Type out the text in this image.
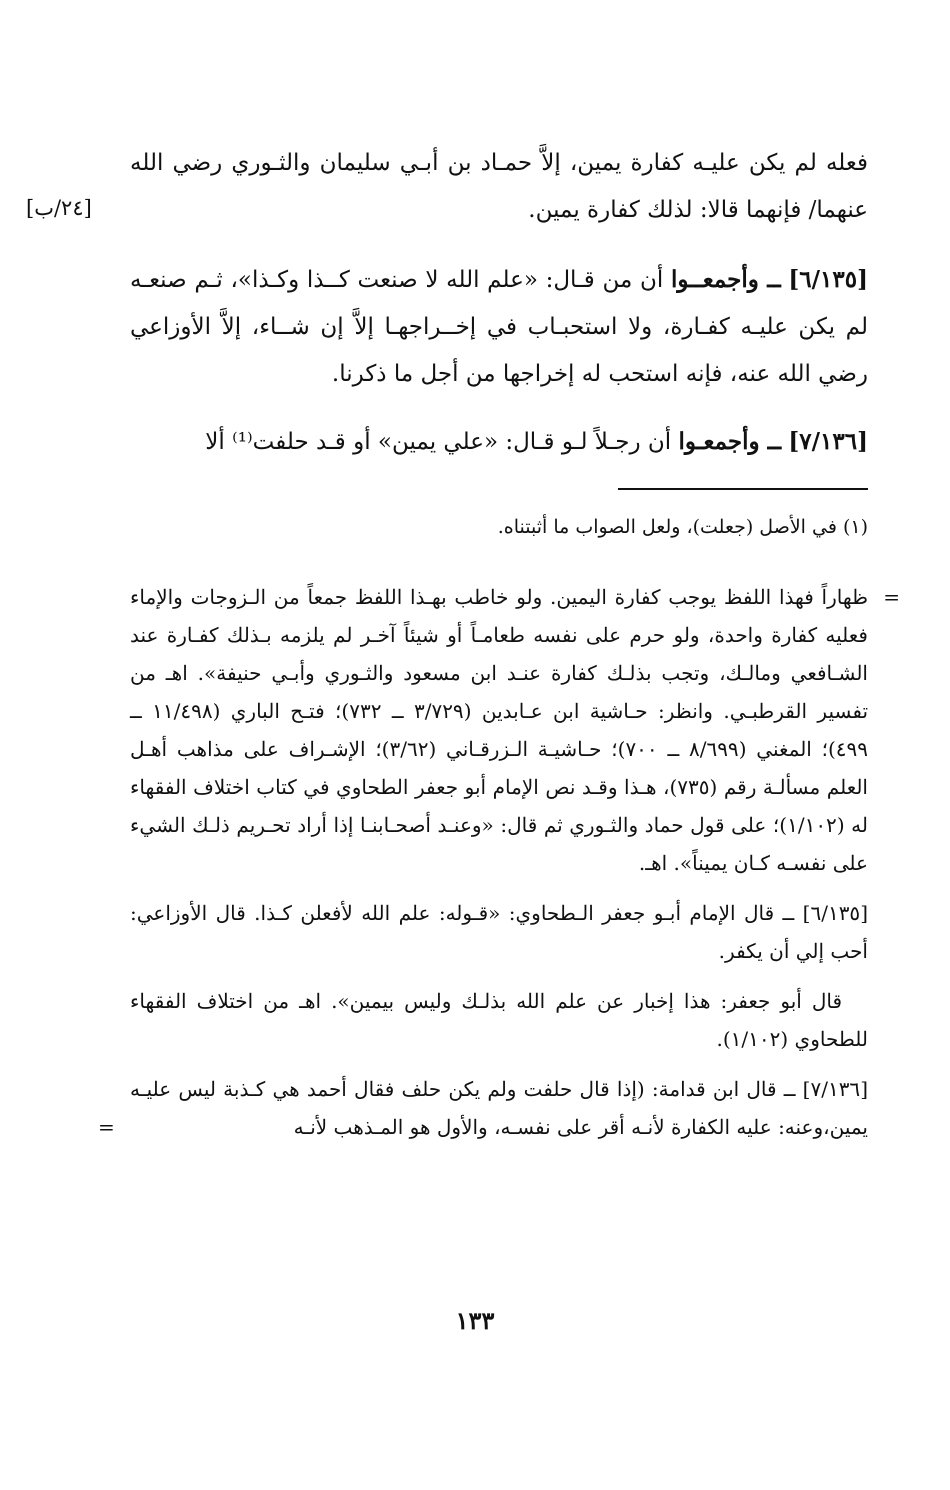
[٢٤/ب]

فعله لم يكن عليـه كفارة يمين، إلاَّ حمـاد بن أبـي سليمان والثـوري رضي الله عنهما/ فإنهما قالا: لذلك كفارة يمين.

[٦/١٣٥] ــ وأجمعــوا أن من قـال: «علم الله لا صنعت كــذا وكـذا»، ثـم صنعـه لم يكن عليـه كفـارة، ولا استحبـاب في إخــراجهـا إلاَّ إن شــاء، إلاَّ الأوزاعي رضي الله عنه، فإنه استحب له إخراجها من أجل ما ذكرنا.

[٧/١٣٦] ــ وأجمعـوا أن رجـلاً لـو قـال: «علي يمين» أو قـد حلفت⁽¹⁾ ألا

(١) في الأصل (جعلت)، ولعل الصواب ما أثبتناه.

=
ظهاراً فهذا اللفظ يوجب كفارة اليمين. ولو خاطب بهـذا اللفظ جمعاً من الـزوجات والإماء فعليه كفارة واحدة، ولو حرم على نفسه طعامـاً أو شيئاً آخـر لم يلزمه بـذلك كفـارة عند الشـافعي ومالـك، وتجب بذلـك كفارة عنـد ابن مسعود والثـوري وأبـي حنيفة». اهـ من تفسير القرطبـي. وانظر: حـاشية ابن عـابدين (٣/٧٢٩ ــ ٧٣٢)؛ فتـح الباري (١١/٤٩٨ ــ ٤٩٩)؛ المغني (٨/٦٩٩ ــ ٧٠٠)؛ حـاشيـة الـزرقـاني (٣/٦٢)؛ الإشـراف على مذاهب أهـل العلم مسألـة رقم (٧٣٥)، هـذا وقـد نص الإمام أبو جعفر الطحاوي في كتاب اختلاف الفقهاء له (١/١٠٢)؛ على قول حماد والثـوري ثم قال: «وعنـد أصحـابنـا إذا أراد تحـريم ذلـك الشيء على نفسـه كـان يميناً». اهـ.

[٦/١٣٥] ــ قال الإمام أبـو جعفر الـطحاوي: «قـوله: علم الله لأفعلن كـذا. قال الأوزاعي: أحب إلي أن يكفر.

قال أبو جعفر: هذا إخبار عن علم الله بذلـك وليس بيمين». اهـ من اختلاف الفقهاء للطحاوي (١/١٠٢).

[٧/١٣٦] ــ قال ابن قدامة: (إذا قال حلفت ولم يكن حلف فقال أحمد هي كـذبة ليس عليـه يمين،وعنه: عليه الكفارة لأنـه أقر على نفسـه، والأول هو المـذهب لأنـه
=

١٣٣
